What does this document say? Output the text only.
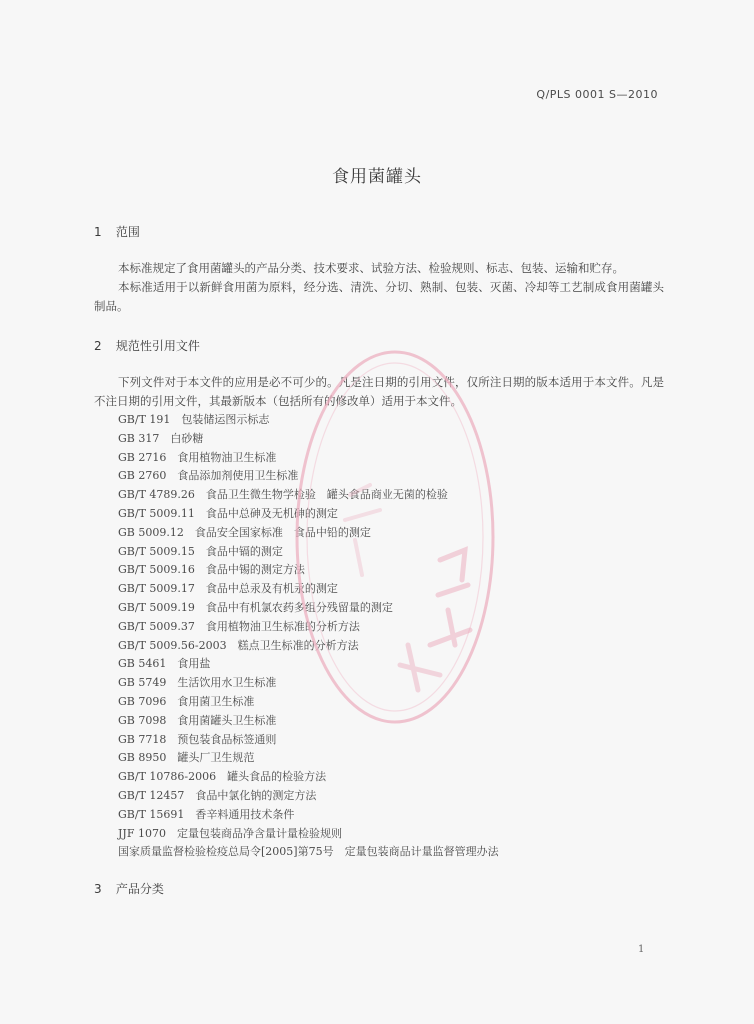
Q/PLS 0001 S—2010
食用菌罐头
1 范围

本标准规定了食用菌罐头的产品分类、技术要求、试验方法、检验规则、标志、包装、运输和贮存。

本标准适用于以新鲜食用菌为原料，经分选、清洗、分切、熟制、包装、灭菌、冷却等工艺制成食用菌罐头制品。

2 规范性引用文件

下列文件对于本文件的应用是必不可少的。凡是注日期的引用文件，仅所注日期的版本适用于本文件。凡是不注日期的引用文件，其最新版本（包括所有的修改单）适用于本文件。

GB/T 191　包装储运图示标志
GB 317　白砂糖
GB 2716　食用植物油卫生标准
GB 2760　食品添加剂使用卫生标准
GB/T 4789.26　食品卫生微生物学检验　罐头食品商业无菌的检验
GB/T 5009.11　食品中总砷及无机砷的测定
GB 5009.12　食品安全国家标准　食品中铅的测定
GB/T 5009.15　食品中镉的测定
GB/T 5009.16　食品中锡的测定方法
GB/T 5009.17　食品中总汞及有机汞的测定
GB/T 5009.19　食品中有机氯农药多组分残留量的测定
GB/T 5009.37　食用植物油卫生标准的分析方法
GB/T 5009.56-2003　糕点卫生标准的分析方法
GB 5461　食用盐
GB 5749　生活饮用水卫生标准
GB 7096　食用菌卫生标准
GB 7098　食用菌罐头卫生标准
GB 7718　预包装食品标签通则
GB 8950　罐头厂卫生规范
GB/T 10786-2006　罐头食品的检验方法
GB/T 12457　食品中氯化钠的测定方法
GB/T 15691　香辛料通用技术条件
JJF 1070　定量包装商品净含量计量检验规则
国家质量监督检验检疫总局令[2005]第75号　定量包装商品计量监督管理办法
3 产品分类
1
